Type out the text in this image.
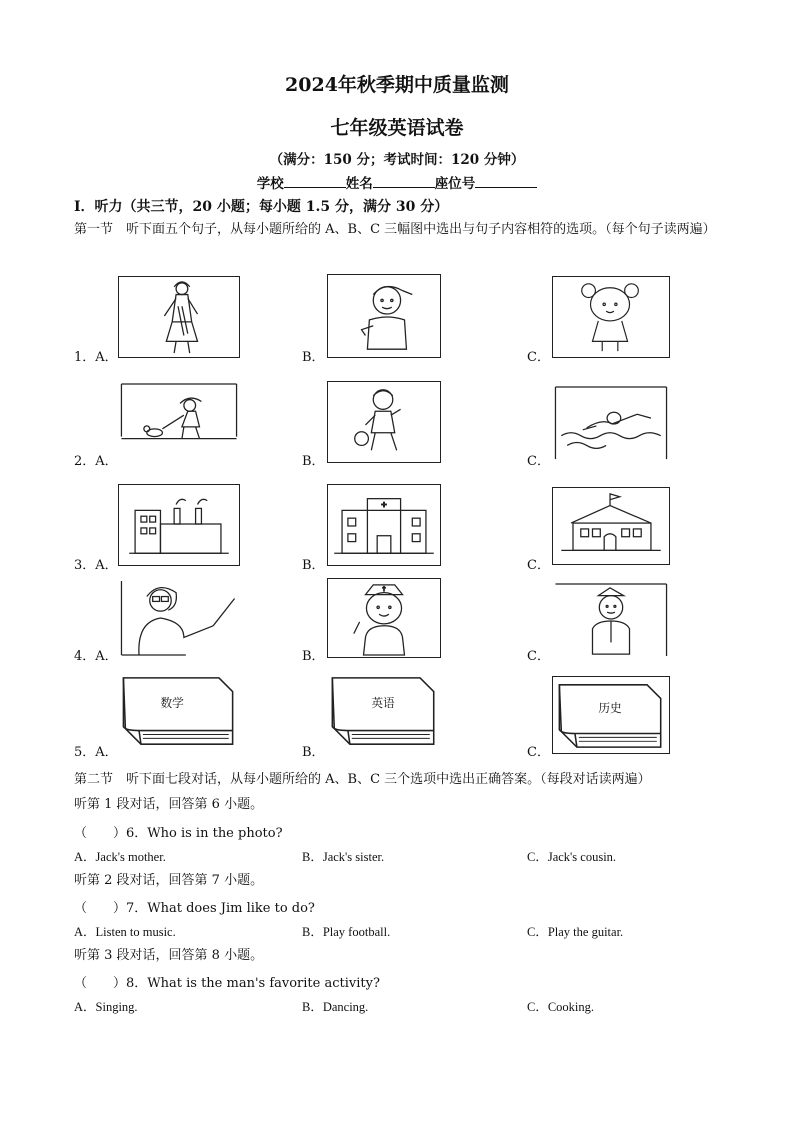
2024年秋季期中质量监测
七年级英语试卷
（满分：150 分；考试时间：120 分钟）
学校	姓名	座位号
Ⅰ．听力（共三节，20 小题；每小题 1.5 分，满分 30 分）
第一节　听下面五个句子，从每小题所给的 A、B、C 三幅图中选出与句子内容相符的选项。（每个句子读两遍）
1．A．	B．	C．
2．A．	B．	C．
3．A．	B．	C．
4．A．	B．	C．
5．A．	B．	C．
数学	英语	历史
第二节　听下面七段对话，从每小题所给的 A、B、C 三个选项中选出正确答案。（每段对话读两遍）
听第 1 段对话，回答第 6 小题。
（　　）6．Who is in the photo?
A．Jack's mother.	B．Jack's sister.	C．Jack's cousin.
听第 2 段对话，回答第 7 小题。
（　　）7．What does Jim like to do?
A．Listen to music.	B．Play football.	C．Play the guitar.
听第 3 段对话，回答第 8 小题。
（　　）8．What is the man's favorite activity?
A．Singing.	B．Dancing.	C．Cooking.
